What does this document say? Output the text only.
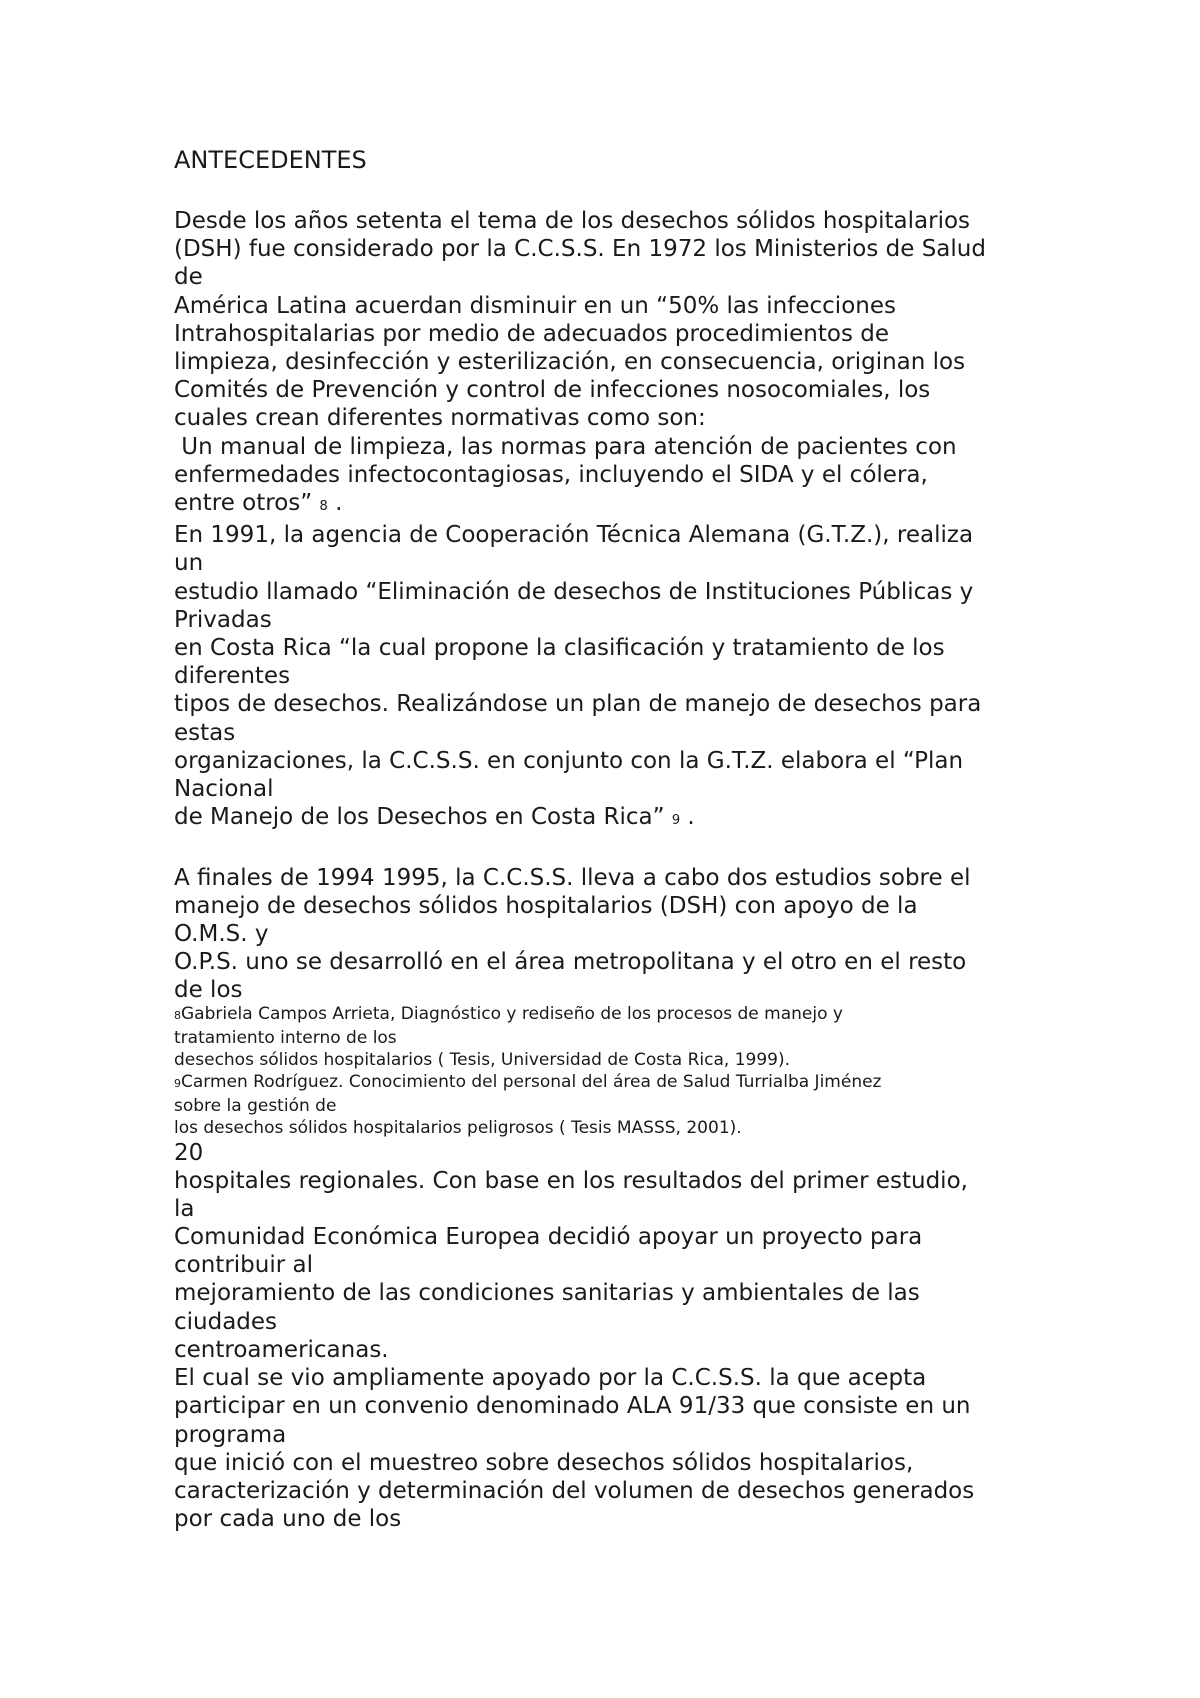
ANTECEDENTES
Desde los años setenta el tema de los desechos sólidos hospitalarios
(DSH) fue considerado por la C.C.S.S. En 1972 los Ministerios de Salud
de
América Latina acuerdan disminuir en un “50% las infecciones
Intrahospitalarias por medio de adecuados procedimientos de
limpieza, desinfección y esterilización, en consecuencia, originan los
Comités de Prevención y control de infecciones nosocomiales, los
cuales crean diferentes normativas como son:
Un manual de limpieza, las normas para atención de pacientes con
enfermedades infectocontagiosas, incluyendo el SIDA y el cólera,
entre otros” 8 .
En 1991, la agencia de Cooperación Técnica Alemana (G.T.Z.), realiza
un
estudio llamado “Eliminación de desechos de Instituciones Públicas y
Privadas
en Costa Rica “la cual propone la clasificación y tratamiento de los
diferentes
tipos de desechos. Realizándose un plan de manejo de desechos para
estas
organizaciones, la C.C.S.S. en conjunto con la G.T.Z. elabora el “Plan
Nacional
de Manejo de los Desechos en Costa Rica” 9 .
A finales de 1994 1995, la C.C.S.S. lleva a cabo dos estudios sobre el
manejo de desechos sólidos hospitalarios (DSH) con apoyo de la
O.M.S. y
O.P.S. uno se desarrolló en el área metropolitana y el otro en el resto
de los
8Gabriela Campos Arrieta, Diagnóstico y rediseño de los procesos de manejo y
tratamiento interno de los
desechos sólidos hospitalarios ( Tesis, Universidad de Costa Rica, 1999).
9Carmen Rodríguez. Conocimiento del personal del área de Salud Turrialba Jiménez
sobre la gestión de
los desechos sólidos hospitalarios peligrosos ( Tesis MASSS, 2001).
20
hospitales regionales. Con base en los resultados del primer estudio,
la
Comunidad Económica Europea decidió apoyar un proyecto para
contribuir al
mejoramiento de las condiciones sanitarias y ambientales de las
ciudades
centroamericanas.
El cual se vio ampliamente apoyado por la C.C.S.S. la que acepta
participar en un convenio denominado ALA 91/33 que consiste en un
programa
que inició con el muestreo sobre desechos sólidos hospitalarios,
caracterización y determinación del volumen de desechos generados
por cada uno de los
